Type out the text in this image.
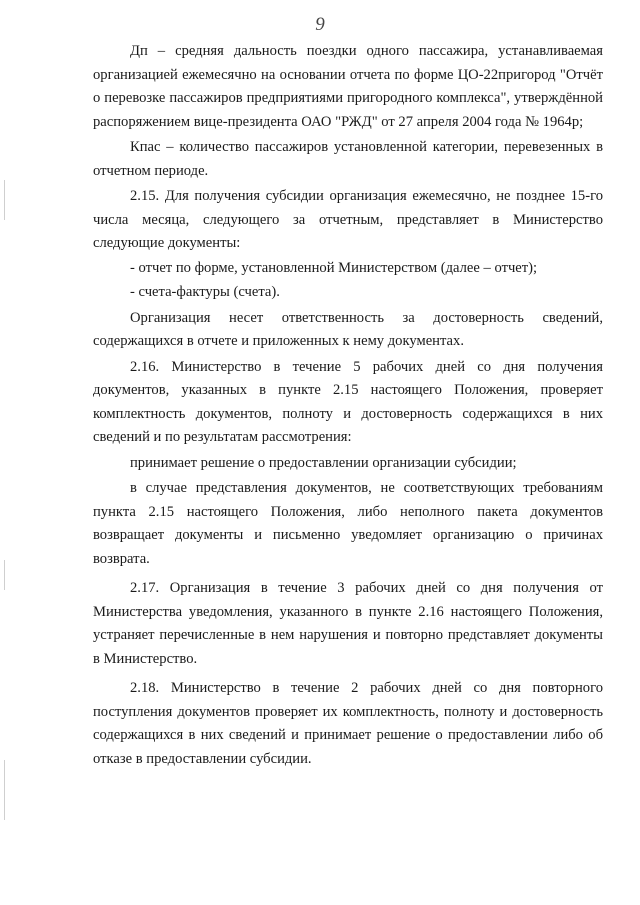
9

Дп – средняя дальность поездки одного пассажира, устанавливаемая организацией ежемесячно на основании отчета по форме ЦО-22пригород "Отчёт о перевозке пассажиров предприятиями пригородного комплекса", утверждённой распоряжением вице-президента ОАО "РЖД" от 27 апреля 2004 года № 1964р;

Кпас – количество пассажиров установленной категории, перевезенных в отчетном периоде.

2.15. Для получения субсидии организация ежемесячно, не позднее 15-го числа месяца, следующего за отчетным, представляет в Министерство следующие документы:

- отчет по форме, установленной Министерством (далее – отчет);

- счета-фактуры (счета).

Организация несет ответственность за достоверность сведений, содержащихся в отчете и приложенных к нему документах.

2.16. Министерство в течение 5 рабочих дней со дня получения документов, указанных в пункте 2.15 настоящего Положения, проверяет комплектность документов, полноту и достоверность содержащихся в них сведений и по результатам рассмотрения:

принимает решение о предоставлении организации субсидии;

в случае представления документов, не соответствующих требованиям пункта 2.15 настоящего Положения, либо неполного пакета документов возвращает документы и письменно уведомляет организацию о причинах возврата.

2.17. Организация в течение 3 рабочих дней со дня получения от Министерства уведомления, указанного в пункте 2.16 настоящего Положения, устраняет перечисленные в нем нарушения и повторно представляет документы в Министерство.

2.18. Министерство в течение 2 рабочих дней со дня повторного поступления документов проверяет их комплектность, полноту и достоверность содержащихся в них сведений и принимает решение о предоставлении либо об отказе в предоставлении субсидии.
